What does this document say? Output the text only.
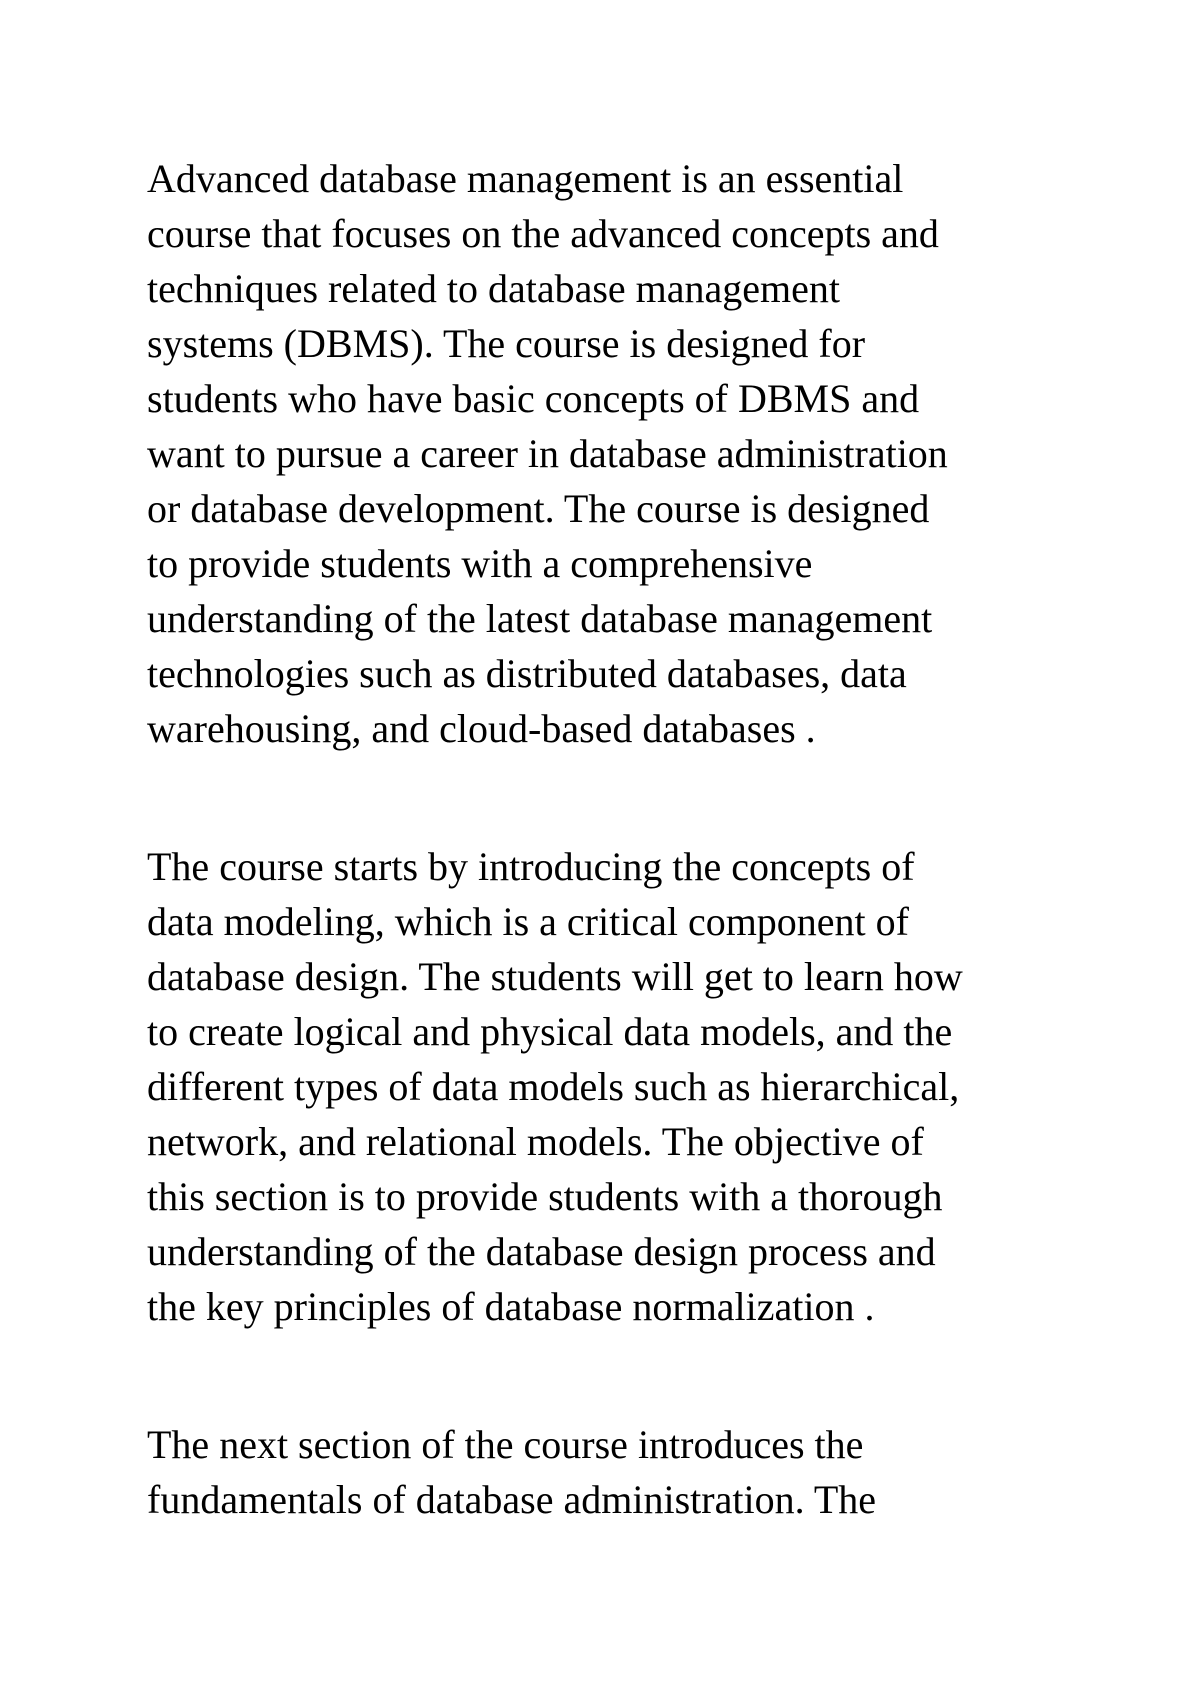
Advanced database management is an essential
course that focuses on the advanced concepts and
techniques related to database management
systems (DBMS). The course is designed for
students who have basic concepts of DBMS and
want to pursue a career in database administration
or database development. The course is designed
to provide students with a comprehensive
understanding of the latest database management
technologies such as distributed databases, data
warehousing, and cloud-based databases .

The course starts by introducing the concepts of
data modeling, which is a critical component of
database design. The students will get to learn how
to create logical and physical data models, and the
different types of data models such as hierarchical,
network, and relational models. The objective of
this section is to provide students with a thorough
understanding of the database design process and
the key principles of database normalization .

The next section of the course introduces the
fundamentals of database administration. The
